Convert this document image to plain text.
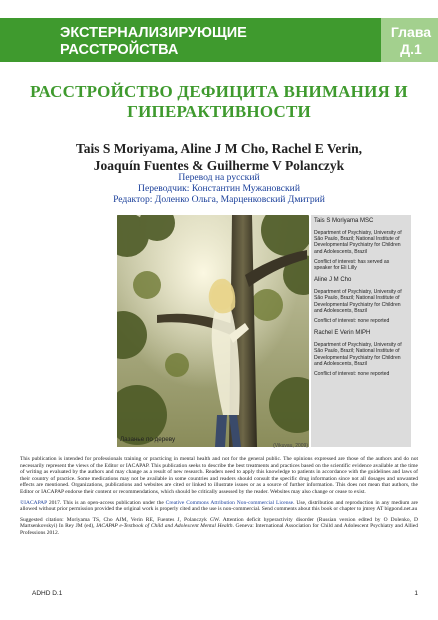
ЭКСТЕРНАЛИЗИРУЮЩИЕ РАССТРОЙСТВА
Глава Д.1
РАССТРОЙСТВО ДЕФИЦИТА ВНИМАНИЯ И ГИПЕРАКТИВНОСТИ
Tais S Moriyama, Aline J M Cho, Rachel E Verin,
Joaquín Fuentes & Guilherme V Polanczyk
Перевод на русский
Переводчик: Константин Мужановский
Редактор: Доленко Ольга, Марценковский Дмитрий
Лазанье по дереву
(Vikuvau, 2009)
Tais S Moriyama MSC
Department of Psychiatry, University of São Paulo, Brazil; National Institute of Developmental Psychiatry for Children and Adolescents, Brazil
Conflict of interest: has served as speaker for Eli Lilly
Aline J M Cho
Department of Psychiatry, University of São Paulo, Brazil; National Institute of Developmental Psychiatry for Children and Adolescents, Brazil
Conflict of interest: none reported
Rachel E Verin MIPH
Department of Psychiatry, University of São Paulo, Brazil; National Institute of Developmental Psychiatry for Children and Adolescents, Brazil
Conflict of interest: none reported

This publication is intended for professionals training or practicing in mental health and not for the general public. The opinions expressed are those of the authors and do not necessarily represent the views of the Editor or IACAPAP. This publication seeks to describe the best treatments and practices based on the scientific evidence available at the time of writing as evaluated by the authors and may change as a result of new research. Readers need to apply this knowledge to patients in accordance with the guidelines and laws of their country of practice. Some medications may not be available in some countries and readers should consult the specific drug information since not all dosages and unwanted effects are mentioned. Organizations, publications and websites are cited or linked to illustrate issues or as a source of further information. This does not mean that authors, the Editor or IACAPAP endorse their content or recommendations, which should be critically assessed by the reader. Websites may also change or cease to exist.

©IACAPAP 2017. This is an open-access publication under the Creative Commons Attribution Non-commercial License. Use, distribution and reproduction in any medium are allowed without prior permission provided the original work is properly cited and the use is non-commercial. Send comments about this book or chapter to jmrey AT bigpond.net.au

Suggested citation: Moriyama TS, Cho AJM, Verin RE, Fuentes J, Polanczyk GW. Attention deficit hyperactivity disorder (Russian version edited by O Dolenko, D Martsenkovskyi) In Rey JM (ed), IACAPAP e-Textbook of Child and Adolescent Mental Health. Geneva: International Association for Child and Adolescent Psychiatry and Allied Professions 2012.

ADHD D.1	1
